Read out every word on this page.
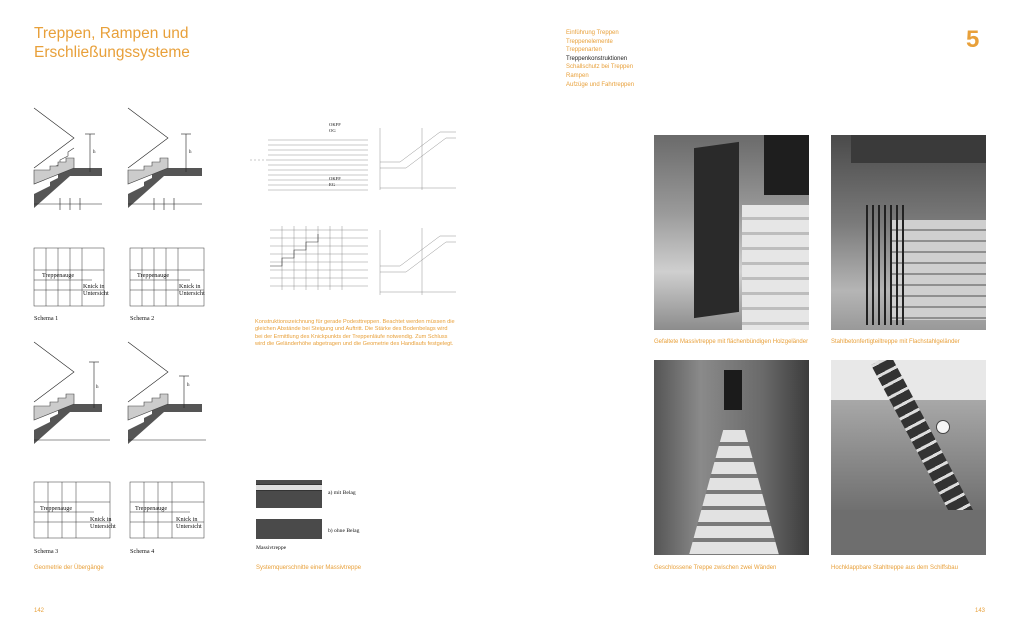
Treppen, Rampen und
Erschließungssysteme	5
Einführung Treppen
Treppenelemente
Treppenarten
Treppenkonstruktionen
Schallschutz bei Treppen
Rampen
Aufzüge und Fahrtreppen
h	h
Treppenauge
Knick in
Untersicht
Treppenauge
Knick in
Untersicht
Schema 1	Schema 2
h	h
Treppenauge
Knick in
Untersicht
Treppenauge
Knick in
Untersicht
Schema 3	Schema 4
Geometrie der Übergänge
OKFF
OG
OKFF
EG
Konstruktionszeichnung für gerade Podesttreppen. Beachtet werden müssen die gleichen Abstände bei Steigung und Auftritt. Die Stärke des Bodenbelags wird bei der Ermittlung des Knickpunkts der Treppenläufe notwendig. Zum Schluss wird die Geländerhöhe abgetragen und die Geometrie des Handlaufs festgelegt.
a) mit Belag
b) ohne Belag
Massivtreppe
Systemquerschnitte einer Massivtreppe
Gefaltete Massivtreppe mit flächenbündigen Holzgeländer	Stahlbetonfertigteiltreppe mit Flachstahlgeländer
Geschlossene Treppe zwischen zwei Wänden	Hochklappbare Stahltreppe aus dem Schiffsbau
142	143
